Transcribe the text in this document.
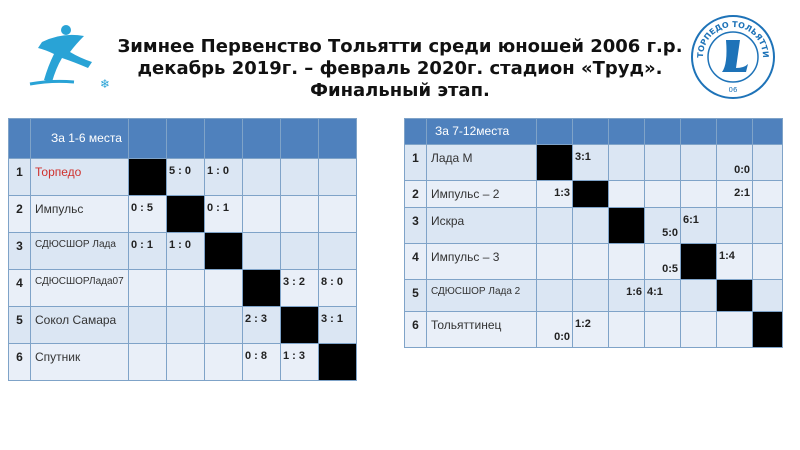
❄
Зимнее Первенство Тольятти среди юношей 2006 г.р.
декабрь 2019г. – февраль 2020г. стадион «Труд».
Финальный этап.
ТОРПЕДО ТОЛЬЯТТИ
06

	За 1-6 места						

1	Торпедо		5 : 0	1 : 0			
2	Импульс	0 : 5		0 : 1			
3	СДЮСШОР Лада	0 : 1	1 : 0				
4	СДЮСШОРЛада07					3 : 2	8 : 0
5	Сокол Самара				2 : 3		3 : 1
6	Спутник				0 : 8	1 : 3	

	За 7-12места							

1	Лада М		3:1				0:0	
2	Импульс – 2	1:3					2:1	
3	Искра				5:0	6:1		
4	Импульс – 3				0:5		1:4	
5	СДЮСШОР Лада 2			1:6	4:1			
6	Тольяттинец	0:0	1:2					
